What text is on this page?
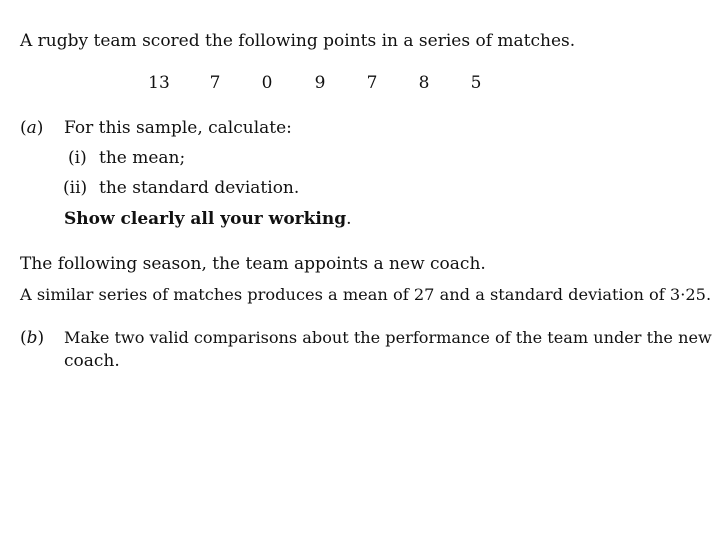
A rugby team scored the following points in a series of matches.
13	7	0	9	7	8	5
(a) For this sample, calculate:
(i) the mean;
(ii) the standard deviation.
Show clearly all your working.
The following season, the team appoints a new coach.
A similar series of matches produces a mean of 27 and a standard deviation of 3·25.
(b) Make two valid comparisons about the performance of the team under the new
coach.
